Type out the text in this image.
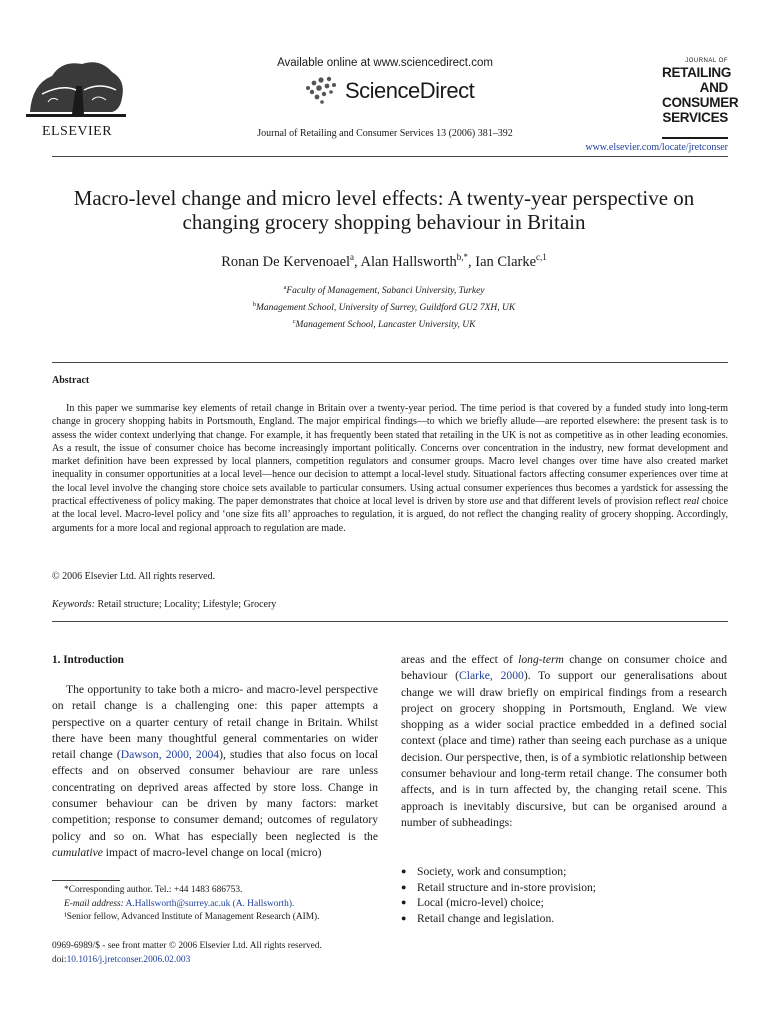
ELSEVIER
Available online at www.sciencedirect.com
ScienceDirect
Journal of Retailing and Consumer Services 13 (2006) 381–392
JOURNAL OF
RETAILING
AND
CONSUMER
SERVICES
www.elsevier.com/locate/jretconser
Macro-level change and micro level effects: A twenty-year perspective on changing grocery shopping behaviour in Britain
Ronan De Kervenoael$^a$, Alan Hallsworth$^{b,*}$, Ian Clarke$^{c,1}$
$^a$Faculty of Management, Sabanci University, Turkey
$^b$Management School, University of Surrey, Guildford GU2 7XH, UK
$^c$Management School, Lancaster University, UK
Abstract
In this paper we summarise key elements of retail change in Britain over a twenty-year period. The time period is that covered by a funded study into long-term change in grocery shopping habits in Portsmouth, England. The major empirical findings—to which we briefly allude—are reported elsewhere: the present task is to assess the wider context underlying that change. For example, it has frequently been stated that retailing in the UK is not as competitive as in other leading economies. As a result, the issue of consumer choice has become increasingly important politically. Concerns over concentration in the industry, new format development and market definition have been expressed by local planners, competition regulators and consumer groups. Macro level changes over time have also created market inequality in consumer opportunities at a local level—hence our decision to attempt a local-level study. Situational factors affecting consumer experiences over time at the local level involve the changing store choice sets available to particular consumers. Using actual consumer experiences thus becomes a yardstick for assessing the practical effectiveness of policy making. The paper demonstrates that choice at local level is driven by store use and that different levels of provision reflect real choice at the local level. Macro-level policy and ‘one size fits all’ approaches to regulation, it is argued, do not reflect the changing reality of grocery shopping. Accordingly, arguments for a more local and regional approach to regulation are made.
© 2006 Elsevier Ltd. All rights reserved.
Keywords: Retail structure; Locality; Lifestyle; Grocery
1. Introduction
The opportunity to take both a micro- and macro-level perspective on retail change is a challenging one: this paper attempts a perspective on a quarter century of retail change in Britain. Whilst there have been many thoughtful general commentaries on wider retail change (Dawson, 2000, 2004), studies that also focus on local effects and on observed consumer behaviour are rare unless concentrating on deprived areas affected by store loss. Change in consumer behaviour can be driven by many factors: market competition; response to consumer demand; outcomes of regulatory policy and so on. What has especially been neglected is the cumulative impact of macro-level change on local (micro)
areas and the effect of long-term change on consumer choice and behaviour (Clarke, 2000). To support our generalisations about change we will draw briefly on empirical findings from a research project on grocery shopping in Portsmouth, England. We view shopping as a wider social practice embedded in a defined social context (place and time) rather than seeing each purchase as a unique decision. Our perspective, then, is of a symbiotic relationship between consumer behaviour and long-term retail change. The consumer both affects, and is in turn affected by, the changing retail scene. This approach is inevitably discursive, but can be organised around a number of subheadings:
● Society, work and consumption;
● Retail structure and in-store provision;
● Local (micro-level) choice;
● Retail change and legislation.
*Corresponding author. Tel.: +44 1483 686753.
E-mail address: A.Hallsworth@surrey.ac.uk (A. Hallsworth).
¹Senior fellow, Advanced Institute of Management Research (AIM).
0969-6989/$ - see front matter © 2006 Elsevier Ltd. All rights reserved.
doi:10.1016/j.jretconser.2006.02.003
